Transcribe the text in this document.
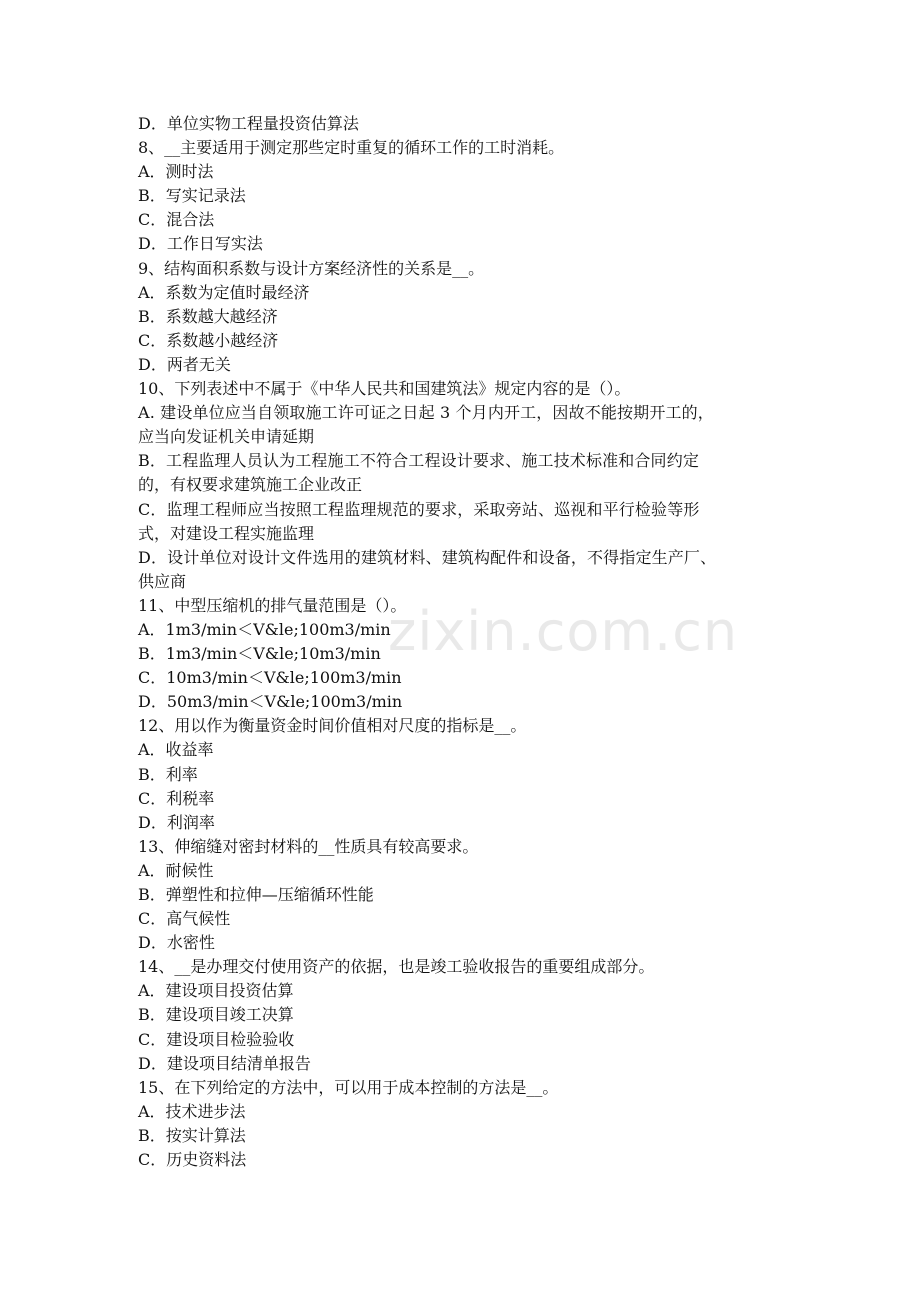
zixin.com.cn
D．单位实物工程量投资估算法
8、__主要适用于测定那些定时重复的循环工作的工时消耗。
A．测时法
B．写实记录法
C．混合法
D．工作日写实法
9、结构面积系数与设计方案经济性的关系是__。
A．系数为定值时最经济
B．系数越大越经济
C．系数越小越经济
D．两者无关
10、下列表述中不属于《中华人民共和国建筑法》规定内容的是（）。
A. 建设单位应当自领取施工许可证之日起 3 个月内开工，因故不能按期开工的，
应当向发证机关申请延期
B．工程监理人员认为工程施工不符合工程设计要求、施工技术标准和合同约定
的，有权要求建筑施工企业改正
C．监理工程师应当按照工程监理规范的要求，采取旁站、巡视和平行检验等形
式，对建设工程实施监理
D．设计单位对设计文件选用的建筑材料、建筑构配件和设备，不得指定生产厂、
供应商
11、中型压缩机的排气量范围是（）。
A．1m3/min＜V&le;100m3/min
B．1m3/min＜V&le;10m3/min
C．10m3/min＜V&le;100m3/min
D．50m3/min＜V&le;100m3/min
12、用以作为衡量资金时间价值相对尺度的指标是__。
A．收益率
B．利率
C．利税率
D．利润率
13、伸缩缝对密封材料的__性质具有较高要求。
A．耐候性
B．弹塑性和拉伸—压缩循环性能
C．高气候性
D．水密性
14、__是办理交付使用资产的依据，也是竣工验收报告的重要组成部分。
A．建设项目投资估算
B．建设项目竣工决算
C．建设项目检验验收
D．建设项目结清单报告
15、在下列给定的方法中，可以用于成本控制的方法是__。
A．技术进步法
B．按实计算法
C．历史资料法
